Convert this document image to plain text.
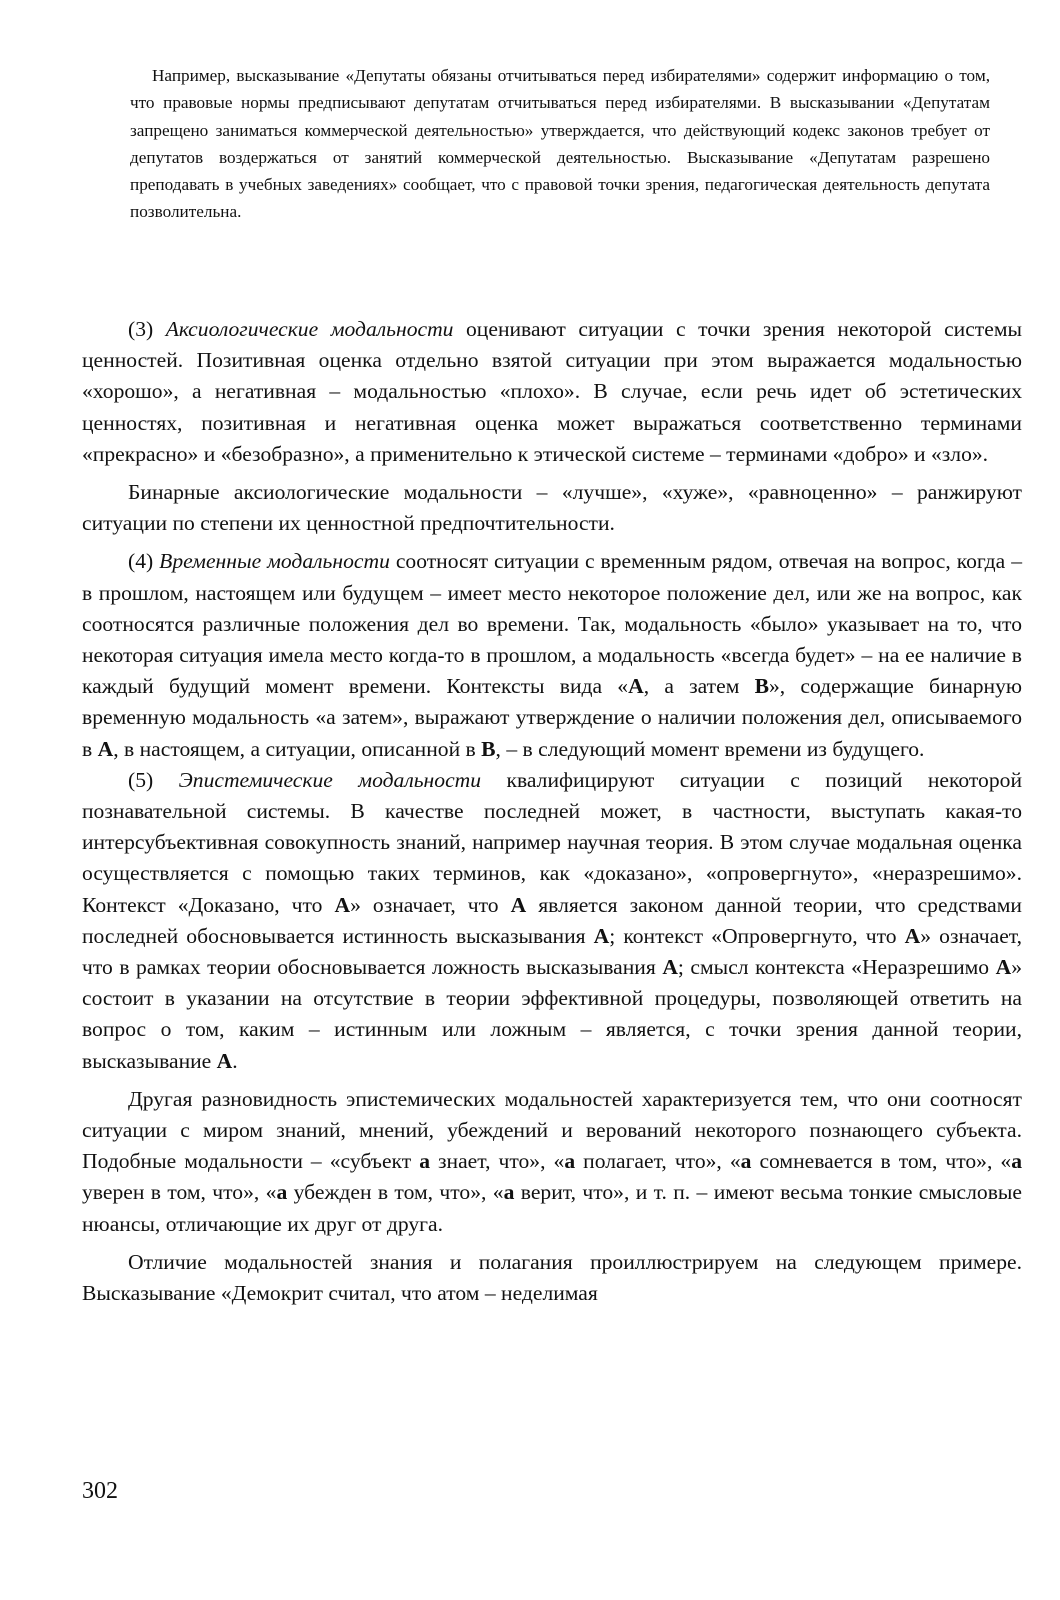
Например, высказывание «Депутаты обязаны отчитываться перед избирателями» содержит информацию о том, что правовые нормы предписывают депутатам отчитываться перед избирателями. В высказывании «Депутатам запрещено заниматься коммерческой деятельностью» утверждается, что действующий кодекс законов требует от депутатов воздержаться от занятий коммерческой деятельностью. Высказывание «Депутатам разрешено преподавать в учебных заведениях» сообщает, что с правовой точки зрения, педагогическая деятельность депутата позволительна.

(3) Аксиологические модальности оценивают ситуации с точки зрения некоторой системы ценностей. Позитивная оценка отдельно взятой ситуации при этом выражается модальностью «хорошо», а негативная – модальностью «плохо». В случае, если речь идет об эстетических ценностях, позитивная и негативная оценка может выражаться соответственно терминами «прекрасно» и «безобразно», а применительно к этической системе – терминами «добро» и «зло».

Бинарные аксиологические модальности – «лучше», «хуже», «равноценно» – ранжируют ситуации по степени их ценностной предпочтительности.

(4) Временные модальности соотносят ситуации с временным рядом, отвечая на вопрос, когда – в прошлом, настоящем или будущем – имеет место некоторое положение дел, или же на вопрос, как соотносятся различные положения дел во времени. Так, модальность «было» указывает на то, что некоторая ситуация имела место когда-то в прошлом, а модальность «всегда будет» – на ее наличие в каждый будущий момент времени. Контексты вида «А, а затем В», содержащие бинарную временную модальность «а затем», выражают утверждение о наличии положения дел, описываемого в А, в настоящем, а ситуации, описанной в В, – в следующий момент времени из будущего.

(5) Эпистемические модальности квалифицируют ситуации с позиций некоторой познавательной системы. В качестве последней может, в частности, выступать какая-то интерсубъективная совокупность знаний, например научная теория. В этом случае модальная оценка осуществляется с помощью таких терминов, как «доказано», «опровергнуто», «неразрешимо». Контекст «Доказано, что А» означает, что А является законом данной теории, что средствами последней обосновывается истинность высказывания А; контекст «Опровергнуто, что А» означает, что в рамках теории обосновывается ложность высказывания А; смысл контекста «Неразрешимо А» состоит в указании на отсутствие в теории эффективной процедуры, позволяющей ответить на вопрос о том, каким – истинным или ложным – является, с точки зрения данной теории, высказывание А.

Другая разновидность эпистемических модальностей характеризуется тем, что они соотносят ситуации с миром знаний, мнений, убеждений и верований некоторого познающего субъекта. Подобные модальности – «субъект а знает, что», «а полагает, что», «а сомневается в том, что», «а уверен в том, что», «а убежден в том, что», «а верит, что», и т. п. – имеют весьма тонкие смысловые нюансы, отличающие их друг от друга.

Отличие модальностей знания и полагания проиллюстрируем на следующем примере. Высказывание «Демокрит считал, что атом – неделимая

302
